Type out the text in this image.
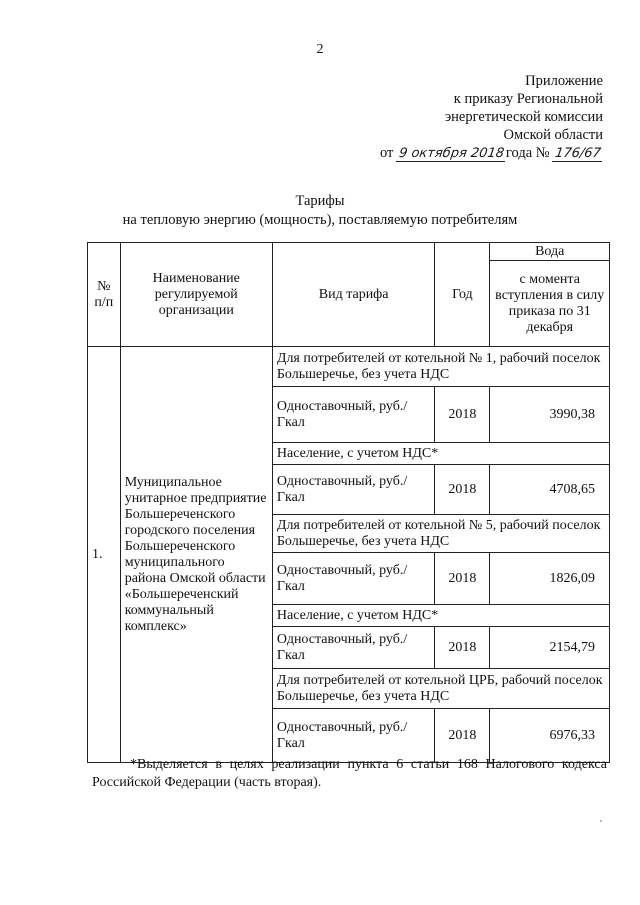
2
Приложение
к приказу Региональной
энергетической комиссии
Омской области
от 9 октября 2018года № 176/67
Тарифы
на тепловую энергию (мощность), поставляемую потребителям
№ п/п	Наименование регулируемой организации	Вид тарифа	Год	Вода
				с момента вступления в силу приказа по 31 декабря
1.	Муниципальное унитарное предприятие Большереченского городского поселения Большереченского муниципального района Омской области «Большереченский коммунальный комплекс»	Для потребителей от котельной № 1, рабочий поселок Большеречье, без учета НДС		
		Одноставочный, руб./Гкал	2018	3990,38
		Население, с учетом НДС*		
		Одноставочный, руб./Гкал	2018	4708,65
		Для потребителей от котельной № 5, рабочий поселок Большеречье, без учета НДС		
		Одноставочный, руб./Гкал	2018	1826,09
		Население, с учетом НДС*		
		Одноставочный, руб./Гкал	2018	2154,79
		Для потребителей от котельной ЦРБ, рабочий поселок Большеречье, без учета НДС		
		Одноставочный, руб./Гкал	2018	6976,33
*Выделяется в целях реализации пункта 6 статьи 168 Налогового кодекса Российской Федерации (часть вторая).
